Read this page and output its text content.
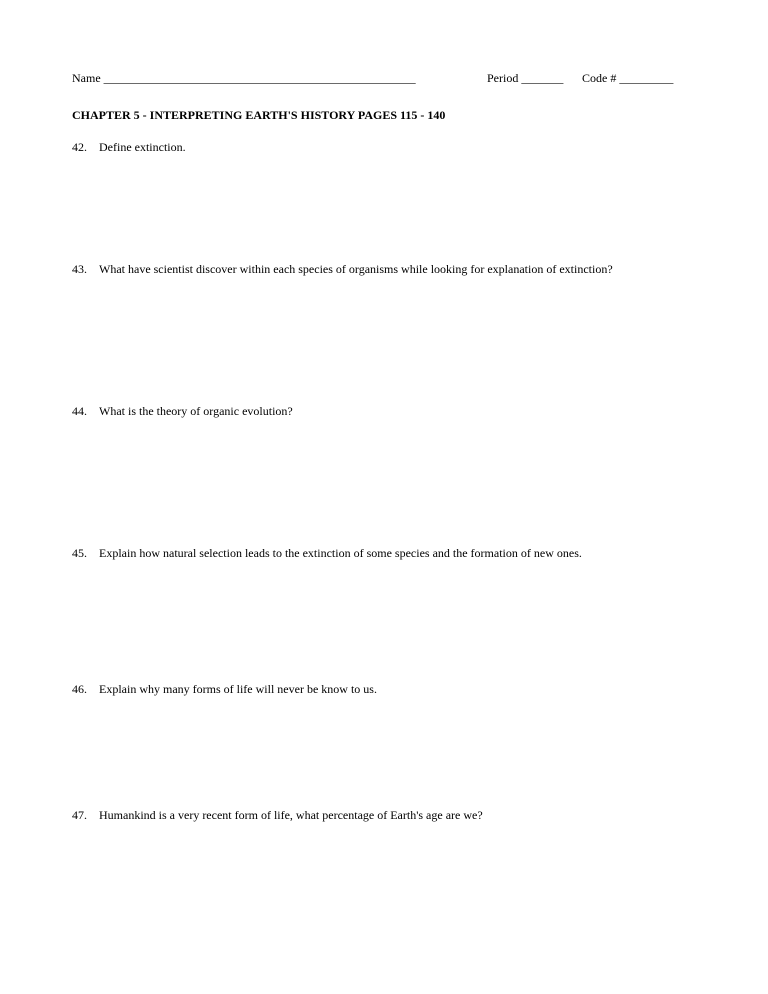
Name ____________________________________________________	Period _______ Code # _________
CHAPTER 5 - INTERPRETING EARTH'S HISTORY PAGES 115 - 140
42. Define extinction.
43. What have scientist discover within each species of organisms while looking for explanation of extinction?
44. What is the theory of organic evolution?
45. Explain how natural selection leads to the extinction of some species and the formation of new ones.
46. Explain why many forms of life will never be know to us.
47. Humankind is a very recent form of life, what percentage of Earth's age are we?
